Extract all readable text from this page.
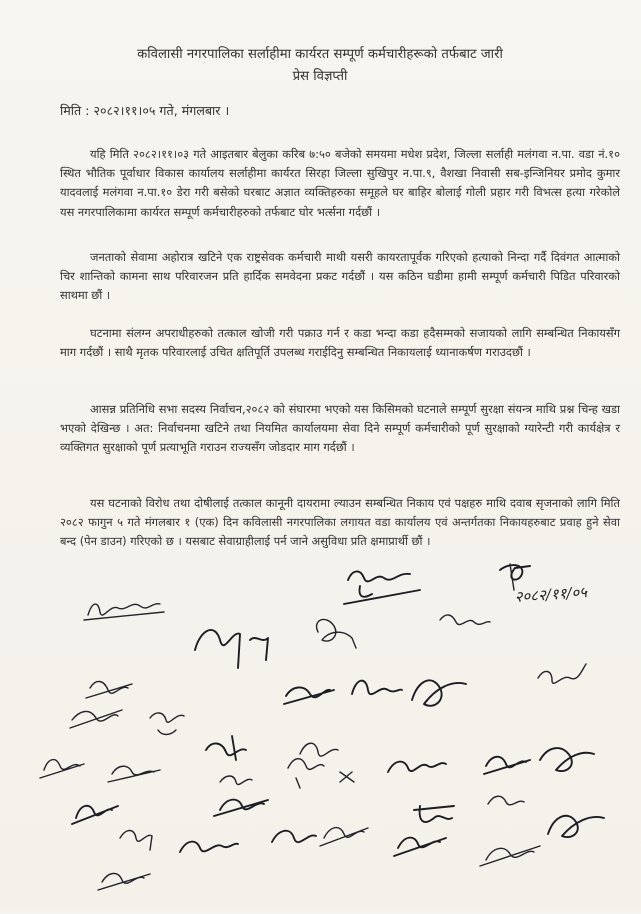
कविलासी नगरपालिका सर्लाहीमा कार्यरत सम्पूर्ण कर्मचारीहरूको तर्फबाट जारी
प्रेस विज्ञप्ती
मिति : २०८२।११।०५ गते, मंगलबार ।

यहि मिति २०८२।११।०३ गते आइतबार बेलुका करिब ७:५० बजेको समयमा मधेश प्रदेश, जिल्ला सर्लाही मलंगवा न.पा. वडा नं.१० स्थित भौतिक पूर्वाधार विकास कार्यालय सर्लाहीमा कार्यरत सिरहा जिल्ला सुखिपुर न.पा.९, वैशखा निवासी सब-इन्जिनियर प्रमोद कुमार यादवलाई मलंगवा न.पा.१० डेरा गरी बसेको घरबाट अज्ञात व्यक्तिहरुका समूहले घर बाहिर बोलाई गोली प्रहार गरी विभत्स हत्या गरेकोले यस नगरपालिकामा कार्यरत सम्पूर्ण कर्मचारीहरुको तर्फबाट घोर भर्त्सना गर्दछौं ।

जनताको सेवामा अहोरात्र खटिने एक राष्ट्रसेवक कर्मचारी माथी यसरी कायरतापूर्वक गरिएको हत्याको निन्दा गर्दै दिवंगत आत्माको चिर शान्तिको कामना साथ परिवारजन प्रति हार्दिक समवेदना प्रकट गर्दछौं । यस कठिन घडीमा हामी सम्पूर्ण कर्मचारी पिडित परिवारको साथमा छौं ।

घटनामा संलग्न अपराधीहरुको तत्काल खोजी गरी पक्राउ गर्न र कडा भन्दा कडा हदैसम्मको सजायको लागि सम्बन्धित निकायसँग माग गर्दछौं । साथै मृतक परिवारलाई उचित क्षतिपूर्ति उपलब्ध गराईदिनु सम्बन्धित निकायलाई ध्यानाकर्षण गराउदछौं ।

आसन्न प्रतिनिधि सभा सदस्य निर्वाचन,२०८२ को संघारमा भएको यस किसिमको घटनाले सम्पूर्ण सुरक्षा संयन्त्र माथि प्रश्न चिन्ह खडा भएको देखिन्छ । अत: निर्वाचनमा खटिने तथा नियमित कार्यालयमा सेवा दिने सम्पूर्ण कर्मचारीको पूर्ण सुरक्षाको ग्यारेन्टी गरी कार्यक्षेत्र र व्यक्तिगत सुरक्षाको पूर्ण प्रत्याभूति गराउन राज्यसँग जोडदार माग गर्दछौं ।

यस घटनाको विरोध तथा दोषीलाई तत्काल कानूनी दायरामा ल्याउन सम्बन्धित निकाय एवं पक्षहरु माथि दवाब सृजनाको लागि मिति २०८२ फागुन ५ गते मंगलबार १ (एक) दिन कविलासी नगरपालिका लगायत वडा कार्यालय एवं अन्तर्गतका निकायहरुबाट प्रवाह हुने सेवा बन्द (पेन डाउन) गरिएको छ । यसबाट सेवाग्राहीलाई पर्न जाने असुविधा प्रति क्षमाप्रार्थी छौं ।

२०८२/११/०५
